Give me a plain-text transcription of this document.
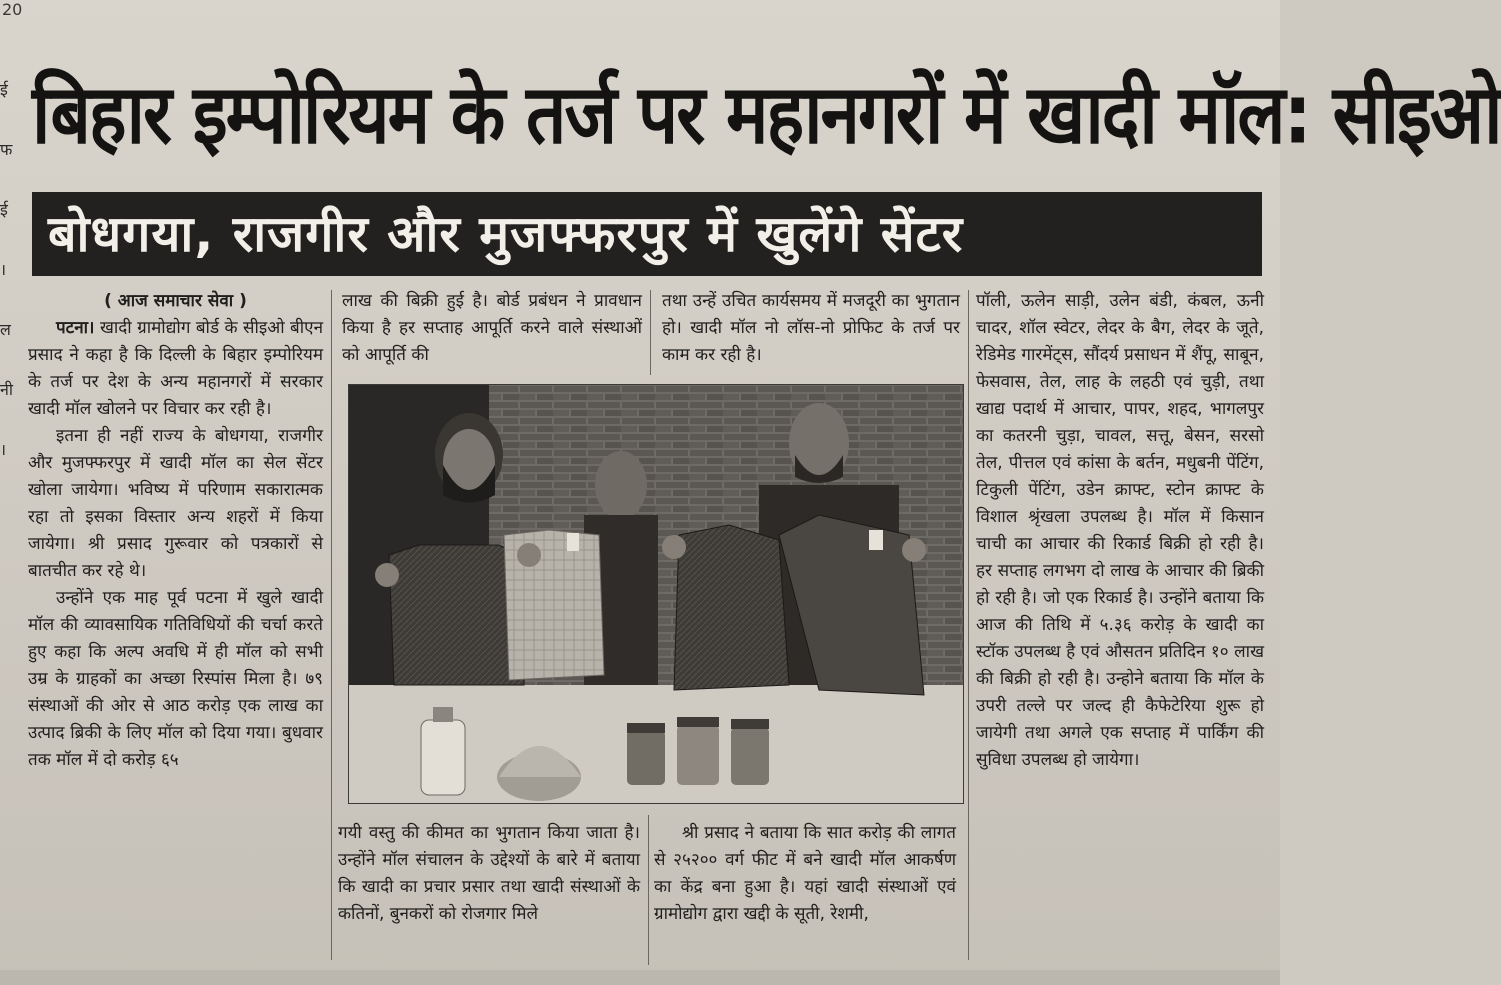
20
ई
फ
ई
।
ल
नी
।
बिहार इम्पोरियम के तर्ज पर महानगरों में खादी मॉल: सीइओ
बोधगया, राजगीर और मुजफ्फरपुर में खुलेंगे सेंटर
( आज समाचार सेवा )

पटना। खादी ग्रामोद्योग बोर्ड के सीइओ बीएन प्रसाद ने कहा है कि दिल्ली के बिहार इम्पोरियम के तर्ज पर देश के अन्य महानगरों में सरकार खादी मॉल खोलने पर विचार कर रही है।

इतना ही नहीं राज्य के बोधगया, राजगीर और मुजफ्फरपुर में खादी मॉल का सेल सेंटर खोला जायेगा। भविष्य में परिणाम सकारात्मक रहा तो इसका विस्तार अन्य शहरों में किया जायेगा। श्री प्रसाद गुरूवार को पत्रकारों से बातचीत कर रहे थे।

उन्होंने एक माह पूर्व पटना में खुले खादी मॉल की व्यावसायिक गतिविधियों की चर्चा करते हुए कहा कि अल्प अवधि में ही मॉल को सभी उम्र के ग्राहकों का अच्छा रिस्पांस मिला है। ७९ संस्थाओं की ओर से आठ करोड़ एक लाख का उत्पाद ब्रिकी के लिए मॉल को दिया गया। बुधवार तक मॉल में दो करोड़ ६५

लाख की बिक्री हुई है। बोर्ड प्रबंधन ने प्रावधान किया है हर सप्ताह आपूर्ति करने वाले संस्थाओं को आपूर्ति की

तथा उन्हें उचित कार्यसमय में मजदूरी का भुगतान हो। खादी मॉल नो लॉस-नो प्रोफिट के तर्ज पर काम कर रही है।

गयी वस्तु की कीमत का भुगतान किया जाता है। उन्होंने मॉल संचालन के उद्देश्यों के बारे में बताया कि खादी का प्रचार प्रसार तथा खादी संस्थाओं के कतिनों, बुनकरों को रोजगार मिले

श्री प्रसाद ने बताया कि सात करोड़ की लागत से २५२०० वर्ग फीट में बने खादी मॉल आकर्षण का केंद्र बना हुआ है। यहां खादी संस्थाओं एवं ग्रामोद्योग द्वारा खद्दी के सूती, रेशमी,

पॉली, ऊलेन साड़ी, उलेन बंडी, कंबल, ऊनी चादर, शॉल स्वेटर, लेदर के बैग, लेदर के जूते, रेडिमेड गारमेंट्स, सौंदर्य प्रसाधन में शैंपू, साबून, फेसवास, तेल, लाह के लहठी एवं चुड़ी, तथा खाद्य पदार्थ में आचार, पापर, शहद, भागलपुर का कतरनी चुड़ा, चावल, सत्तू, बेसन, सरसो तेल, पीत्तल एवं कांसा के बर्तन, मधुबनी पेंटिंग, टिकुली पेंटिंग, उडेन क्राफ्ट, स्टोन क्राफ्ट के विशाल श्रृंखला उपलब्ध है। मॉल में किसान चाची का आचार की रिकार्ड बिक्री हो रही है। हर सप्ताह लगभग दो लाख के आचार की ब्रिकी हो रही है। जो एक रिकार्ड है। उन्होंने बताया कि आज की तिथि में ५.३६ करोड़ के खादी का स्टॉक उपलब्ध है एवं औसतन प्रतिदिन १० लाख की बिक्री हो रही है। उन्होने बताया कि मॉल के उपरी तल्ले पर जल्द ही कैफेटेरिया शुरू हो जायेगी तथा अगले एक सप्ताह में पार्किंग की सुविधा उपलब्ध हो जायेगा।
